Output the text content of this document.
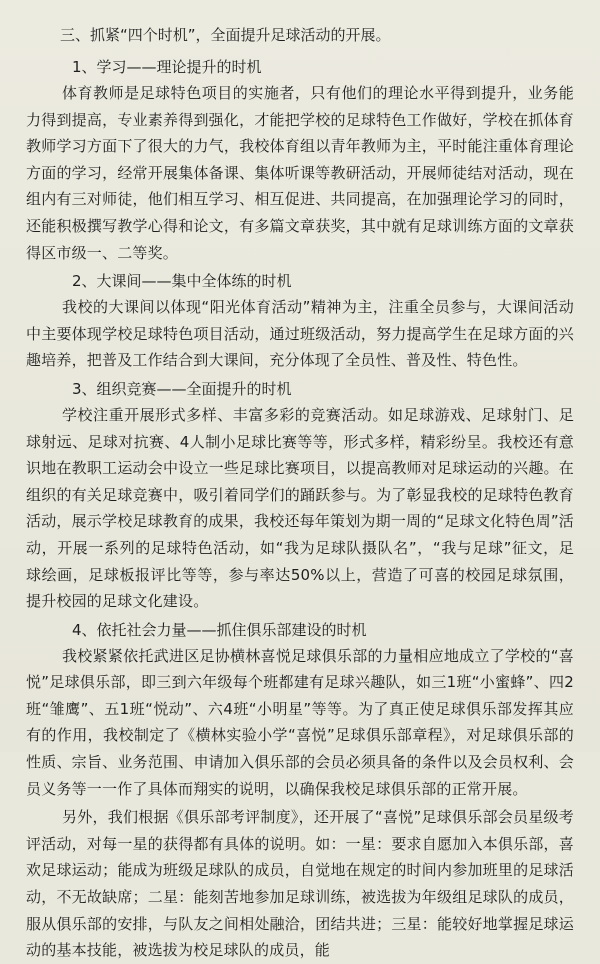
三、抓紧“四个时机”，全面提升足球活动的开展。
1、学习——理论提升的时机

体育教师是足球特色项目的实施者，只有他们的理论水平得到提升，业务能力得到提高，专业素养得到强化，才能把学校的足球特色工作做好，学校在抓体育教师学习方面下了很大的力气，我校体育组以青年教师为主，平时能注重体育理论方面的学习，经常开展集体备课、集体听课等教研活动，开展师徒结对活动，现在组内有三对师徒，他们相互学习、相互促进、共同提高，在加强理论学习的同时，还能积极撰写教学心得和论文，有多篇文章获奖，其中就有足球训练方面的文章获得区市级一、二等奖。

2、大课间——集中全体练的时机

我校的大课间以体现“阳光体育活动”精神为主，注重全员参与，大课间活动中主要体现学校足球特色项目活动，通过班级活动，努力提高学生在足球方面的兴趣培养，把普及工作结合到大课间，充分体现了全员性、普及性、特色性。

3、组织竞赛——全面提升的时机

学校注重开展形式多样、丰富多彩的竞赛活动。如足球游戏、足球射门、足球射远、足球对抗赛、4人制小足球比赛等等，形式多样，精彩纷呈。我校还有意识地在教职工运动会中设立一些足球比赛项目，以提高教师对足球运动的兴趣。在组织的有关足球竞赛中，吸引着同学们的踊跃参与。为了彰显我校的足球特色教育活动，展示学校足球教育的成果，我校还每年策划为期一周的“足球文化特色周”活动，开展一系列的足球特色活动，如“我为足球队摄队名”，“我与足球”征文，足球绘画，足球板报评比等等，参与率达50%以上，营造了可喜的校园足球氛围，提升校园的足球文化建设。

4、依托社会力量——抓住俱乐部建设的时机

我校紧紧依托武进区足协横林喜悦足球俱乐部的力量相应地成立了学校的“喜悦”足球俱乐部，即三到六年级每个班都建有足球兴趣队，如三1班“小蜜蜂”、四2班“雏鹰”、五1班“悦动”、六4班“小明星”等等。为了真正使足球俱乐部发挥其应有的作用，我校制定了《横林实验小学“喜悦”足球俱乐部章程》，对足球俱乐部的性质、宗旨、业务范围、申请加入俱乐部的会员必须具备的条件以及会员权利、会员义务等一一作了具体而翔实的说明，以确保我校足球俱乐部的正常开展。

另外，我们根据《俱乐部考评制度》，还开展了“喜悦”足球俱乐部会员星级考评活动，对每一星的获得都有具体的说明。如：一星：要求自愿加入本俱乐部，喜欢足球运动；能成为班级足球队的成员，自觉地在规定的时间内参加班里的足球活动，不无故缺席；二星：能刻苦地参加足球训练，被选拔为年级组足球队的成员，服从俱乐部的安排，与队友之间相处融洽，团结共进；三星：能较好地掌握足球运动的基本技能，被选拔为校足球队的成员，能
